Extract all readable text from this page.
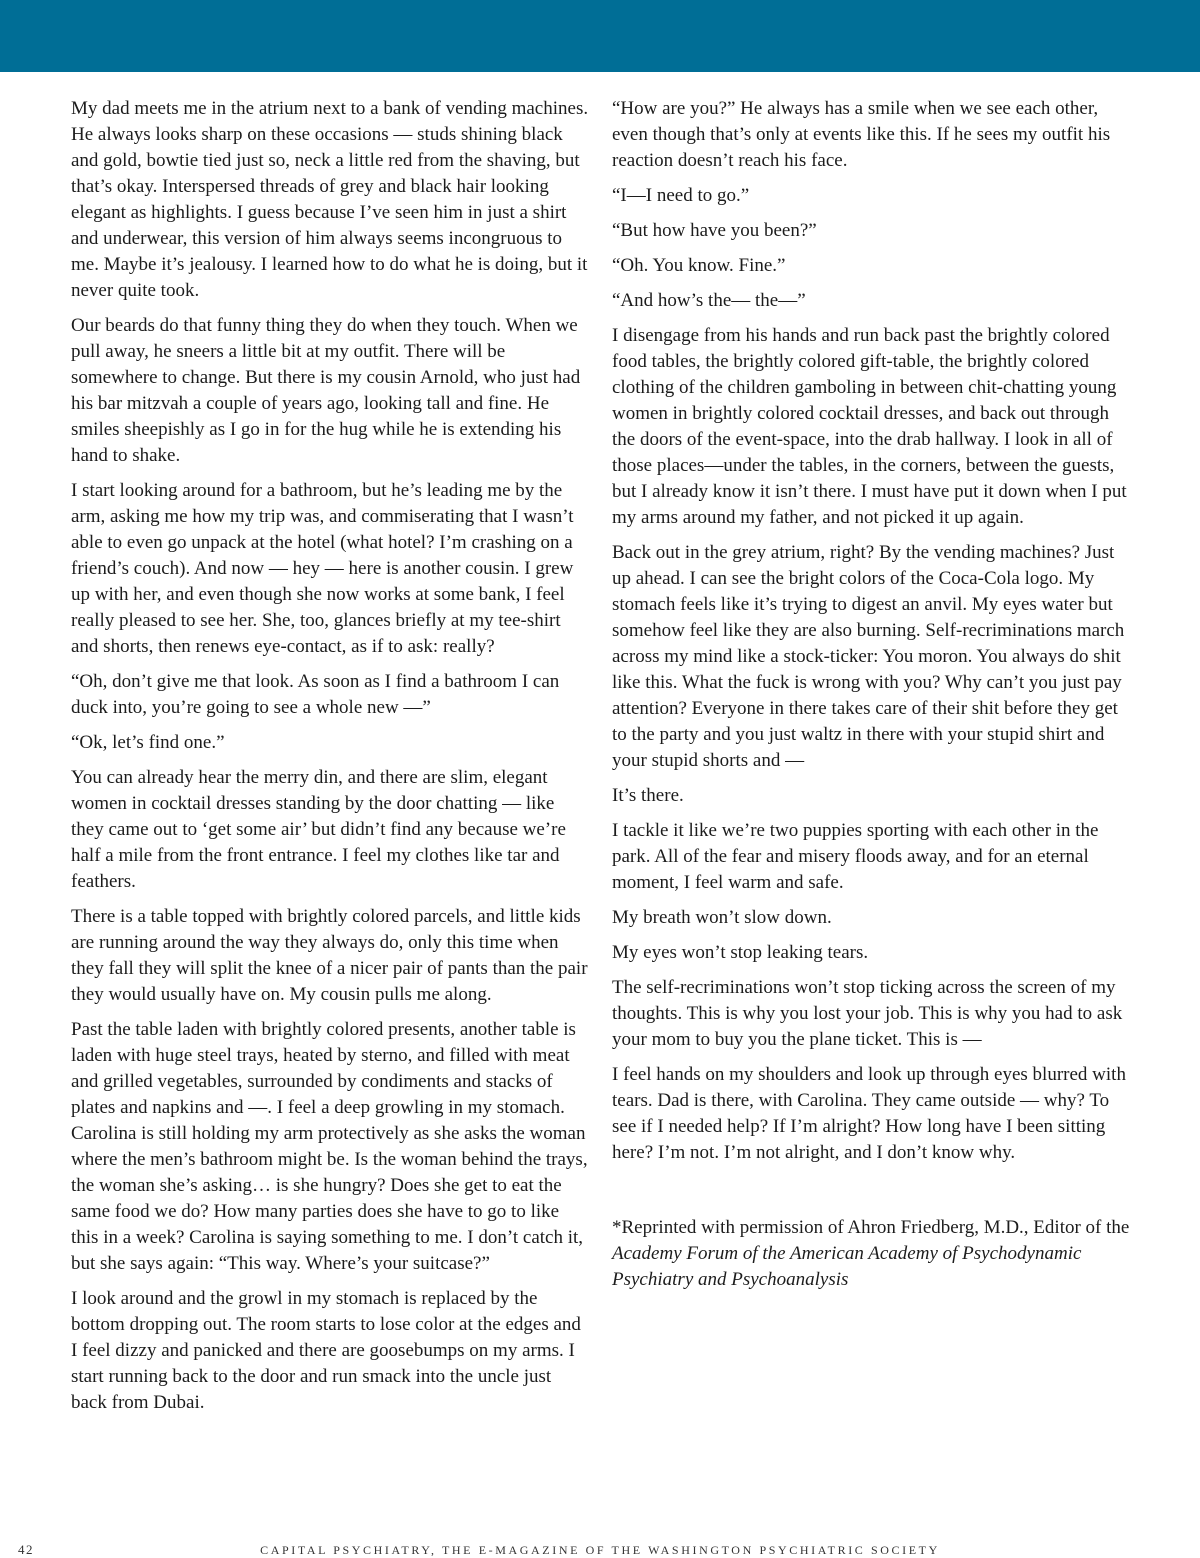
My dad meets me in the atrium next to a bank of vending machines. He always looks sharp on these occasions — studs shining black and gold, bowtie tied just so, neck a little red from the shaving, but that’s okay. Interspersed threads of grey and black hair looking elegant as highlights. I guess because I’ve seen him in just a shirt and underwear, this version of him always seems incongruous to me. Maybe it’s jealousy. I learned how to do what he is doing, but it never quite took.

Our beards do that funny thing they do when they touch. When we pull away, he sneers a little bit at my outfit. There will be somewhere to change. But there is my cousin Arnold, who just had his bar mitzvah a couple of years ago, looking tall and fine. He smiles sheepishly as I go in for the hug while he is extending his hand to shake.

I start looking around for a bathroom, but he’s leading me by the arm, asking me how my trip was, and commiserating that I wasn’t able to even go unpack at the hotel (what hotel? I’m crashing on a friend’s couch). And now — hey — here is another cousin. I grew up with her, and even though she now works at some bank, I feel really pleased to see her. She, too, glances briefly at my tee-shirt and shorts, then renews eye-contact, as if to ask: really?

“Oh, don’t give me that look. As soon as I find a bathroom I can duck into, you’re going to see a whole new —”

“Ok, let’s find one.”

You can already hear the merry din, and there are slim, elegant women in cocktail dresses standing by the door chatting — like they came out to ‘get some air’ but didn’t find any because we’re half a mile from the front entrance. I feel my clothes like tar and feathers.

There is a table topped with brightly colored parcels, and little kids are running around the way they always do, only this time when they fall they will split the knee of a nicer pair of pants than the pair they would usually have on. My cousin pulls me along.

Past the table laden with brightly colored presents, another table is laden with huge steel trays, heated by sterno, and filled with meat and grilled vegetables, surrounded by condiments and stacks of plates and napkins and —. I feel a deep growling in my stomach. Carolina is still holding my arm protectively as she asks the woman where the men’s bathroom might be. Is the woman behind the trays, the woman she’s asking… is she hungry? Does she get to eat the same food we do? How many parties does she have to go to like this in a week? Carolina is saying something to me. I don’t catch it, but she says again: “This way. Where’s your suitcase?”

I look around and the growl in my stomach is replaced by the bottom dropping out. The room starts to lose color at the edges and I feel dizzy and panicked and there are goosebumps on my arms. I start running back to the door and run smack into the uncle just back from Dubai.

“How are you?” He always has a smile when we see each other, even though that’s only at events like this. If he sees my outfit his reaction doesn’t reach his face.

“I—I need to go.”

“But how have you been?”

“Oh. You know. Fine.”

“And how’s the— the—”

I disengage from his hands and run back past the brightly colored food tables, the brightly colored gift-table, the brightly colored clothing of the children gamboling in between chit-chatting young women in brightly colored cocktail dresses, and back out through the doors of the event-space, into the drab hallway. I look in all of those places—under the tables, in the corners, between the guests, but I already know it isn’t there. I must have put it down when I put my arms around my father, and not picked it up again.

Back out in the grey atrium, right? By the vending machines? Just up ahead. I can see the bright colors of the Coca-Cola logo. My stomach feels like it’s trying to digest an anvil. My eyes water but somehow feel like they are also burning. Self-recriminations march across my mind like a stock-ticker: You moron. You always do shit like this. What the fuck is wrong with you? Why can’t you just pay attention? Everyone in there takes care of their shit before they get to the party and you just waltz in there with your stupid shirt and your stupid shorts and —

It’s there.

I tackle it like we’re two puppies sporting with each other in the park. All of the fear and misery floods away, and for an eternal moment, I feel warm and safe.

My breath won’t slow down.

My eyes won’t stop leaking tears.

The self-recriminations won’t stop ticking across the screen of my thoughts. This is why you lost your job. This is why you had to ask your mom to buy you the plane ticket. This is —

I feel hands on my shoulders and look up through eyes blurred with tears. Dad is there, with Carolina. They came outside — why? To see if I needed help? If I’m alright? How long have I been sitting here? I’m not. I’m not alright, and I don’t know why.

*Reprinted with permission of Ahron Friedberg, M.D., Editor of the Academy Forum of the American Academy of Psychodynamic Psychiatry and Psychoanalysis

42	CAPITAL PSYCHIATRY, THE E-MAGAZINE OF THE WASHINGTON PSYCHIATRIC SOCIETY
